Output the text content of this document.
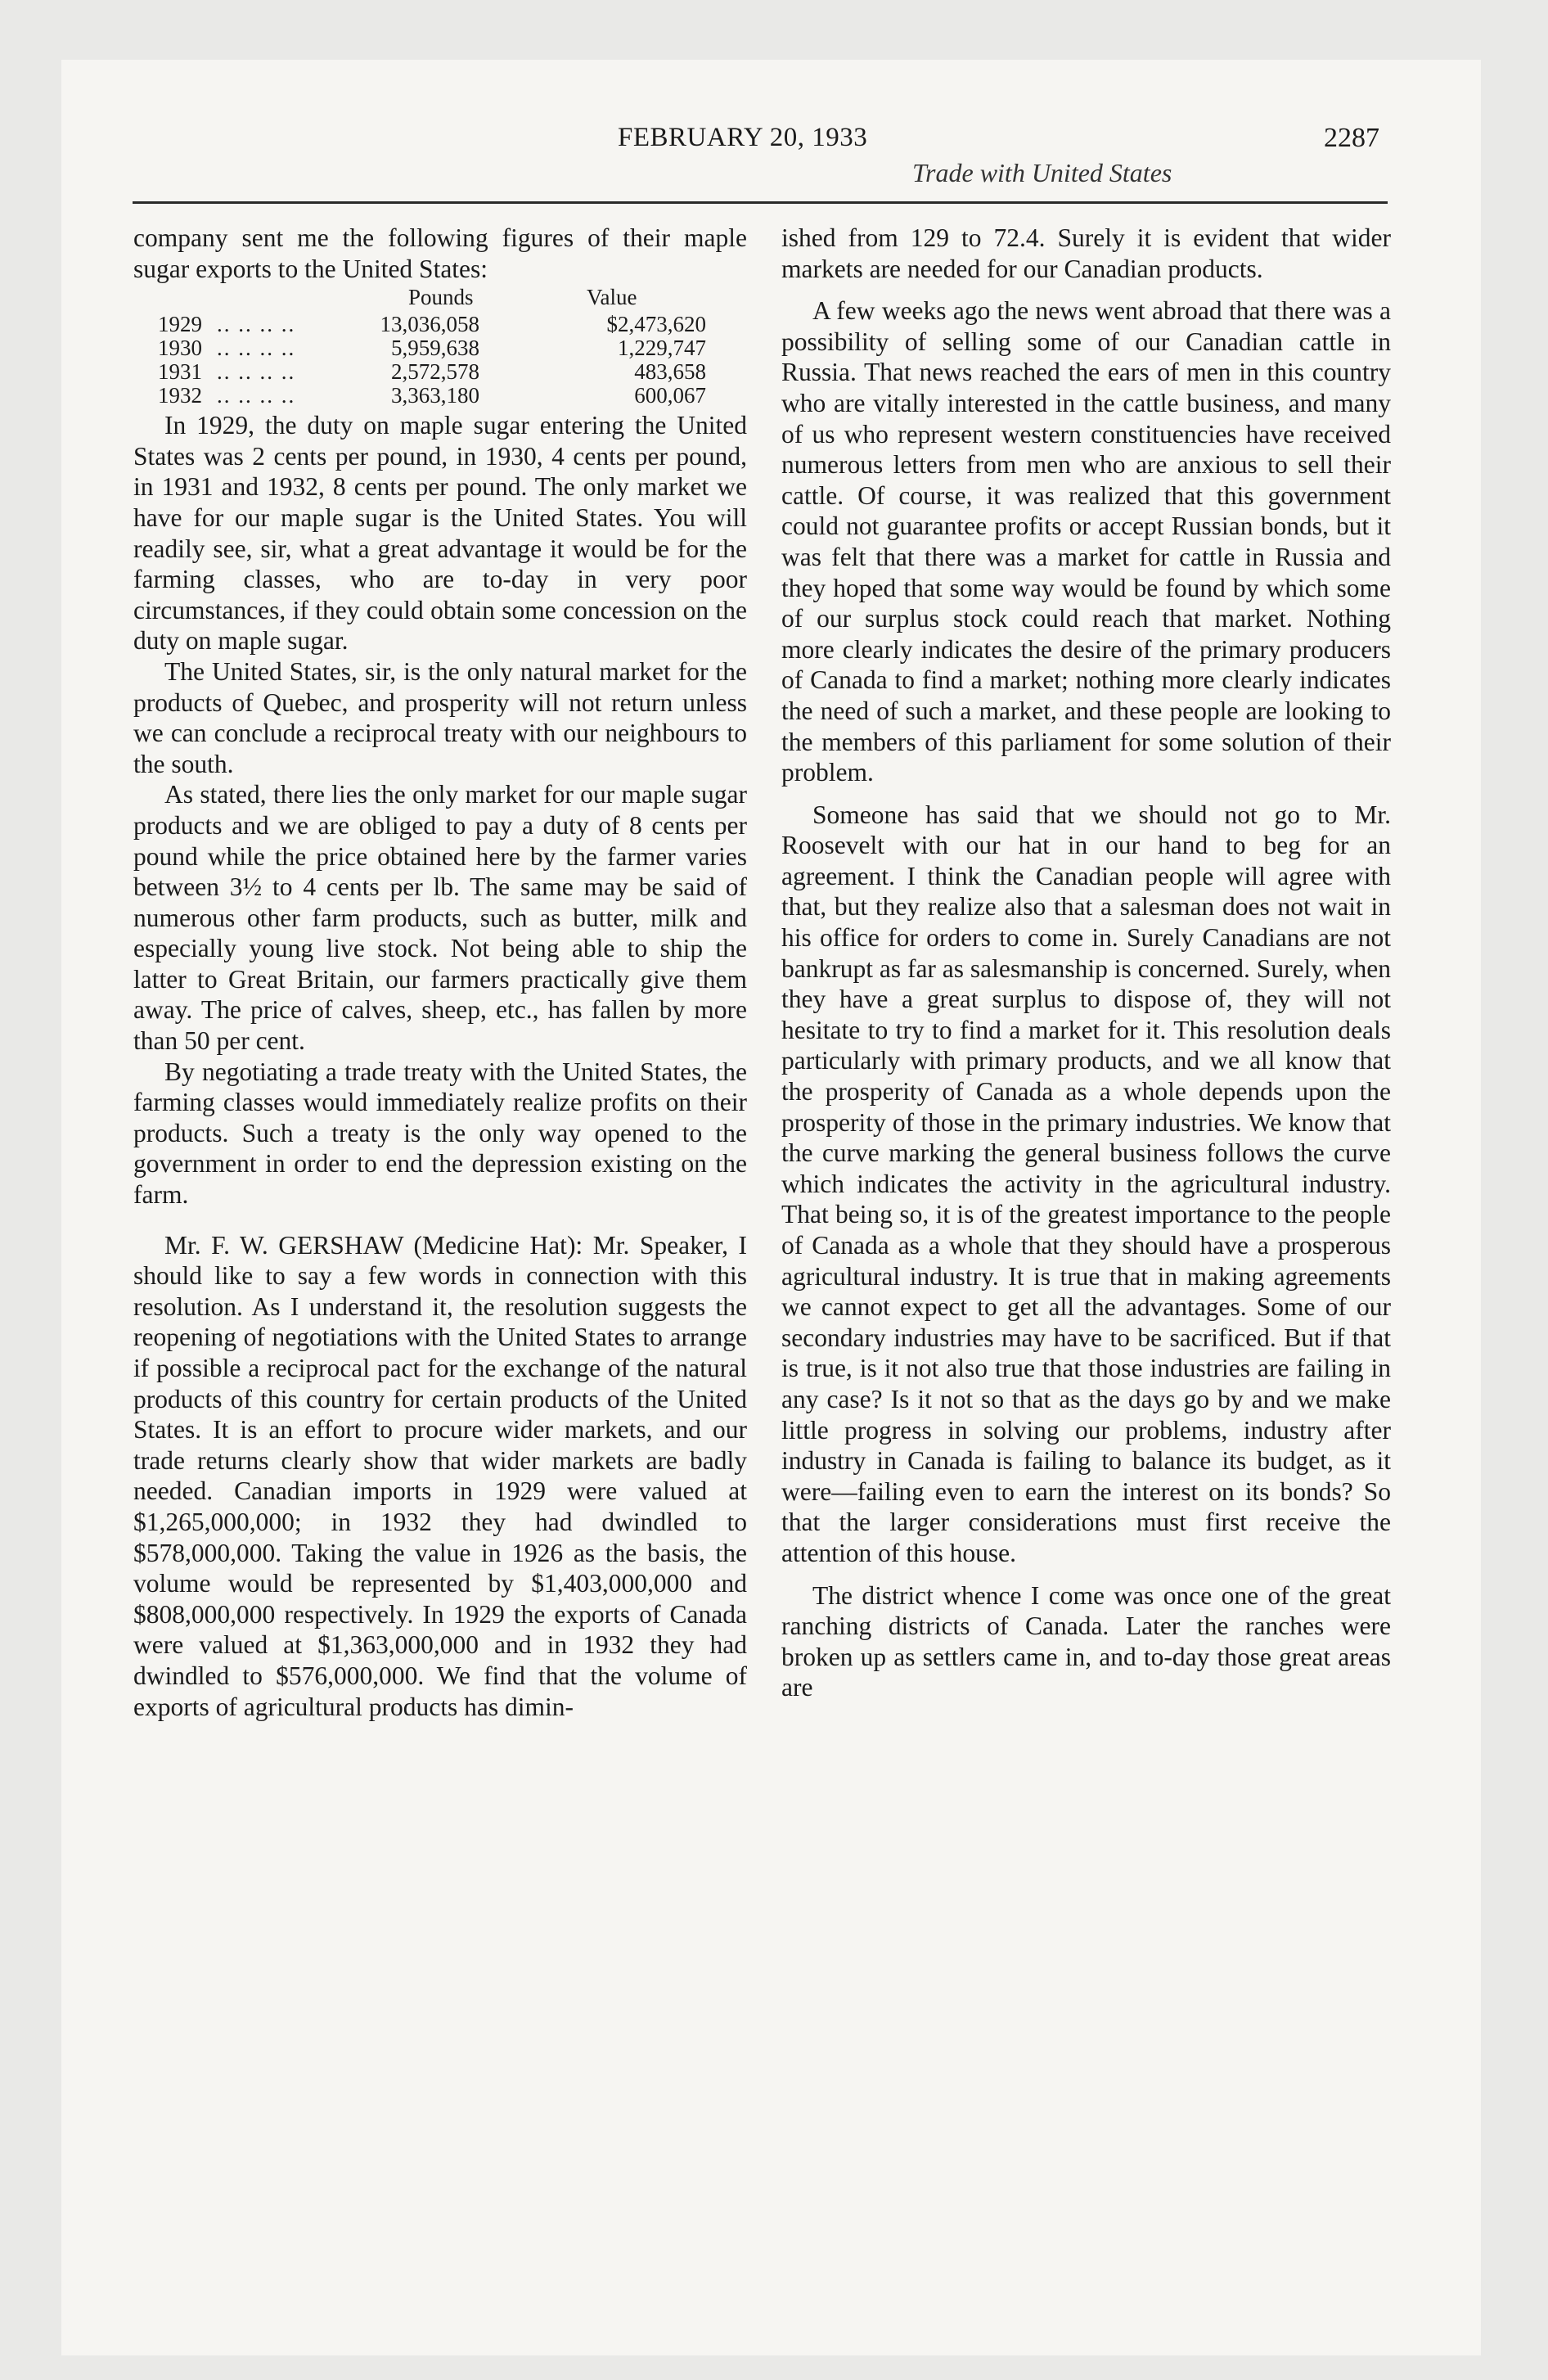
FEBRUARY 20, 1933	2287
Trade with United States

company sent me the following figures of their maple sugar exports to the United States:

Pounds	Value
1929 .. .. .. ..	13,036,058	$2,473,620
1930 .. .. .. ..	5,959,638	1,229,747
1931 .. .. .. ..	2,572,578	483,658
1932 .. .. .. ..	3,363,180	600,067

In 1929, the duty on maple sugar entering the United States was 2 cents per pound, in 1930, 4 cents per pound, in 1931 and 1932, 8 cents per pound. The only market we have for our maple sugar is the United States. You will readily see, sir, what a great advantage it would be for the farming classes, who are to-day in very poor circumstances, if they could obtain some concession on the duty on maple sugar.

The United States, sir, is the only natural market for the products of Quebec, and prosperity will not return unless we can conclude a reciprocal treaty with our neighbours to the south.

As stated, there lies the only market for our maple sugar products and we are obliged to pay a duty of 8 cents per pound while the price obtained here by the farmer varies between 3½ to 4 cents per lb. The same may be said of numerous other farm products, such as butter, milk and especially young live stock. Not being able to ship the latter to Great Britain, our farmers practically give them away. The price of calves, sheep, etc., has fallen by more than 50 per cent.

By negotiating a trade treaty with the United States, the farming classes would immediately realize profits on their products. Such a treaty is the only way opened to the government in order to end the depression existing on the farm.

Mr. F. W. GERSHAW (Medicine Hat): Mr. Speaker, I should like to say a few words in connection with this resolution. As I understand it, the resolution suggests the reopening of negotiations with the United States to arrange if possible a reciprocal pact for the exchange of the natural products of this country for certain products of the United States. It is an effort to procure wider markets, and our trade returns clearly show that wider markets are badly needed. Canadian imports in 1929 were valued at $1,265,000,000; in 1932 they had dwindled to $578,000,000. Taking the value in 1926 as the basis, the volume would be represented by $1,403,000,000 and $808,000,000 respectively. In 1929 the exports of Canada were valued at $1,363,000,000 and in 1932 they had dwindled to $576,000,000. We find that the volume of exports of agricultural products has dimin-

ished from 129 to 72.4. Surely it is evident that wider markets are needed for our Canadian products.

A few weeks ago the news went abroad that there was a possibility of selling some of our Canadian cattle in Russia. That news reached the ears of men in this country who are vitally interested in the cattle business, and many of us who represent western constituencies have received numerous letters from men who are anxious to sell their cattle. Of course, it was realized that this government could not guarantee profits or accept Russian bonds, but it was felt that there was a market for cattle in Russia and they hoped that some way would be found by which some of our surplus stock could reach that market. Nothing more clearly indicates the desire of the primary producers of Canada to find a market; nothing more clearly indicates the need of such a market, and these people are looking to the members of this parliament for some solution of their problem.

Someone has said that we should not go to Mr. Roosevelt with our hat in our hand to beg for an agreement. I think the Canadian people will agree with that, but they realize also that a salesman does not wait in his office for orders to come in. Surely Canadians are not bankrupt as far as salesmanship is concerned. Surely, when they have a great surplus to dispose of, they will not hesitate to try to find a market for it. This resolution deals particularly with primary products, and we all know that the prosperity of Canada as a whole depends upon the prosperity of those in the primary industries. We know that the curve marking the general business follows the curve which indicates the activity in the agricultural industry. That being so, it is of the greatest importance to the people of Canada as a whole that they should have a prosperous agricultural industry. It is true that in making agreements we cannot expect to get all the advantages. Some of our secondary industries may have to be sacrificed. But if that is true, is it not also true that those industries are failing in any case? Is it not so that as the days go by and we make little progress in solving our problems, industry after industry in Canada is failing to balance its budget, as it were—failing even to earn the interest on its bonds? So that the larger considerations must first receive the attention of this house.

The district whence I come was once one of the great ranching districts of Canada. Later the ranches were broken up as settlers came in, and to-day those great areas are
